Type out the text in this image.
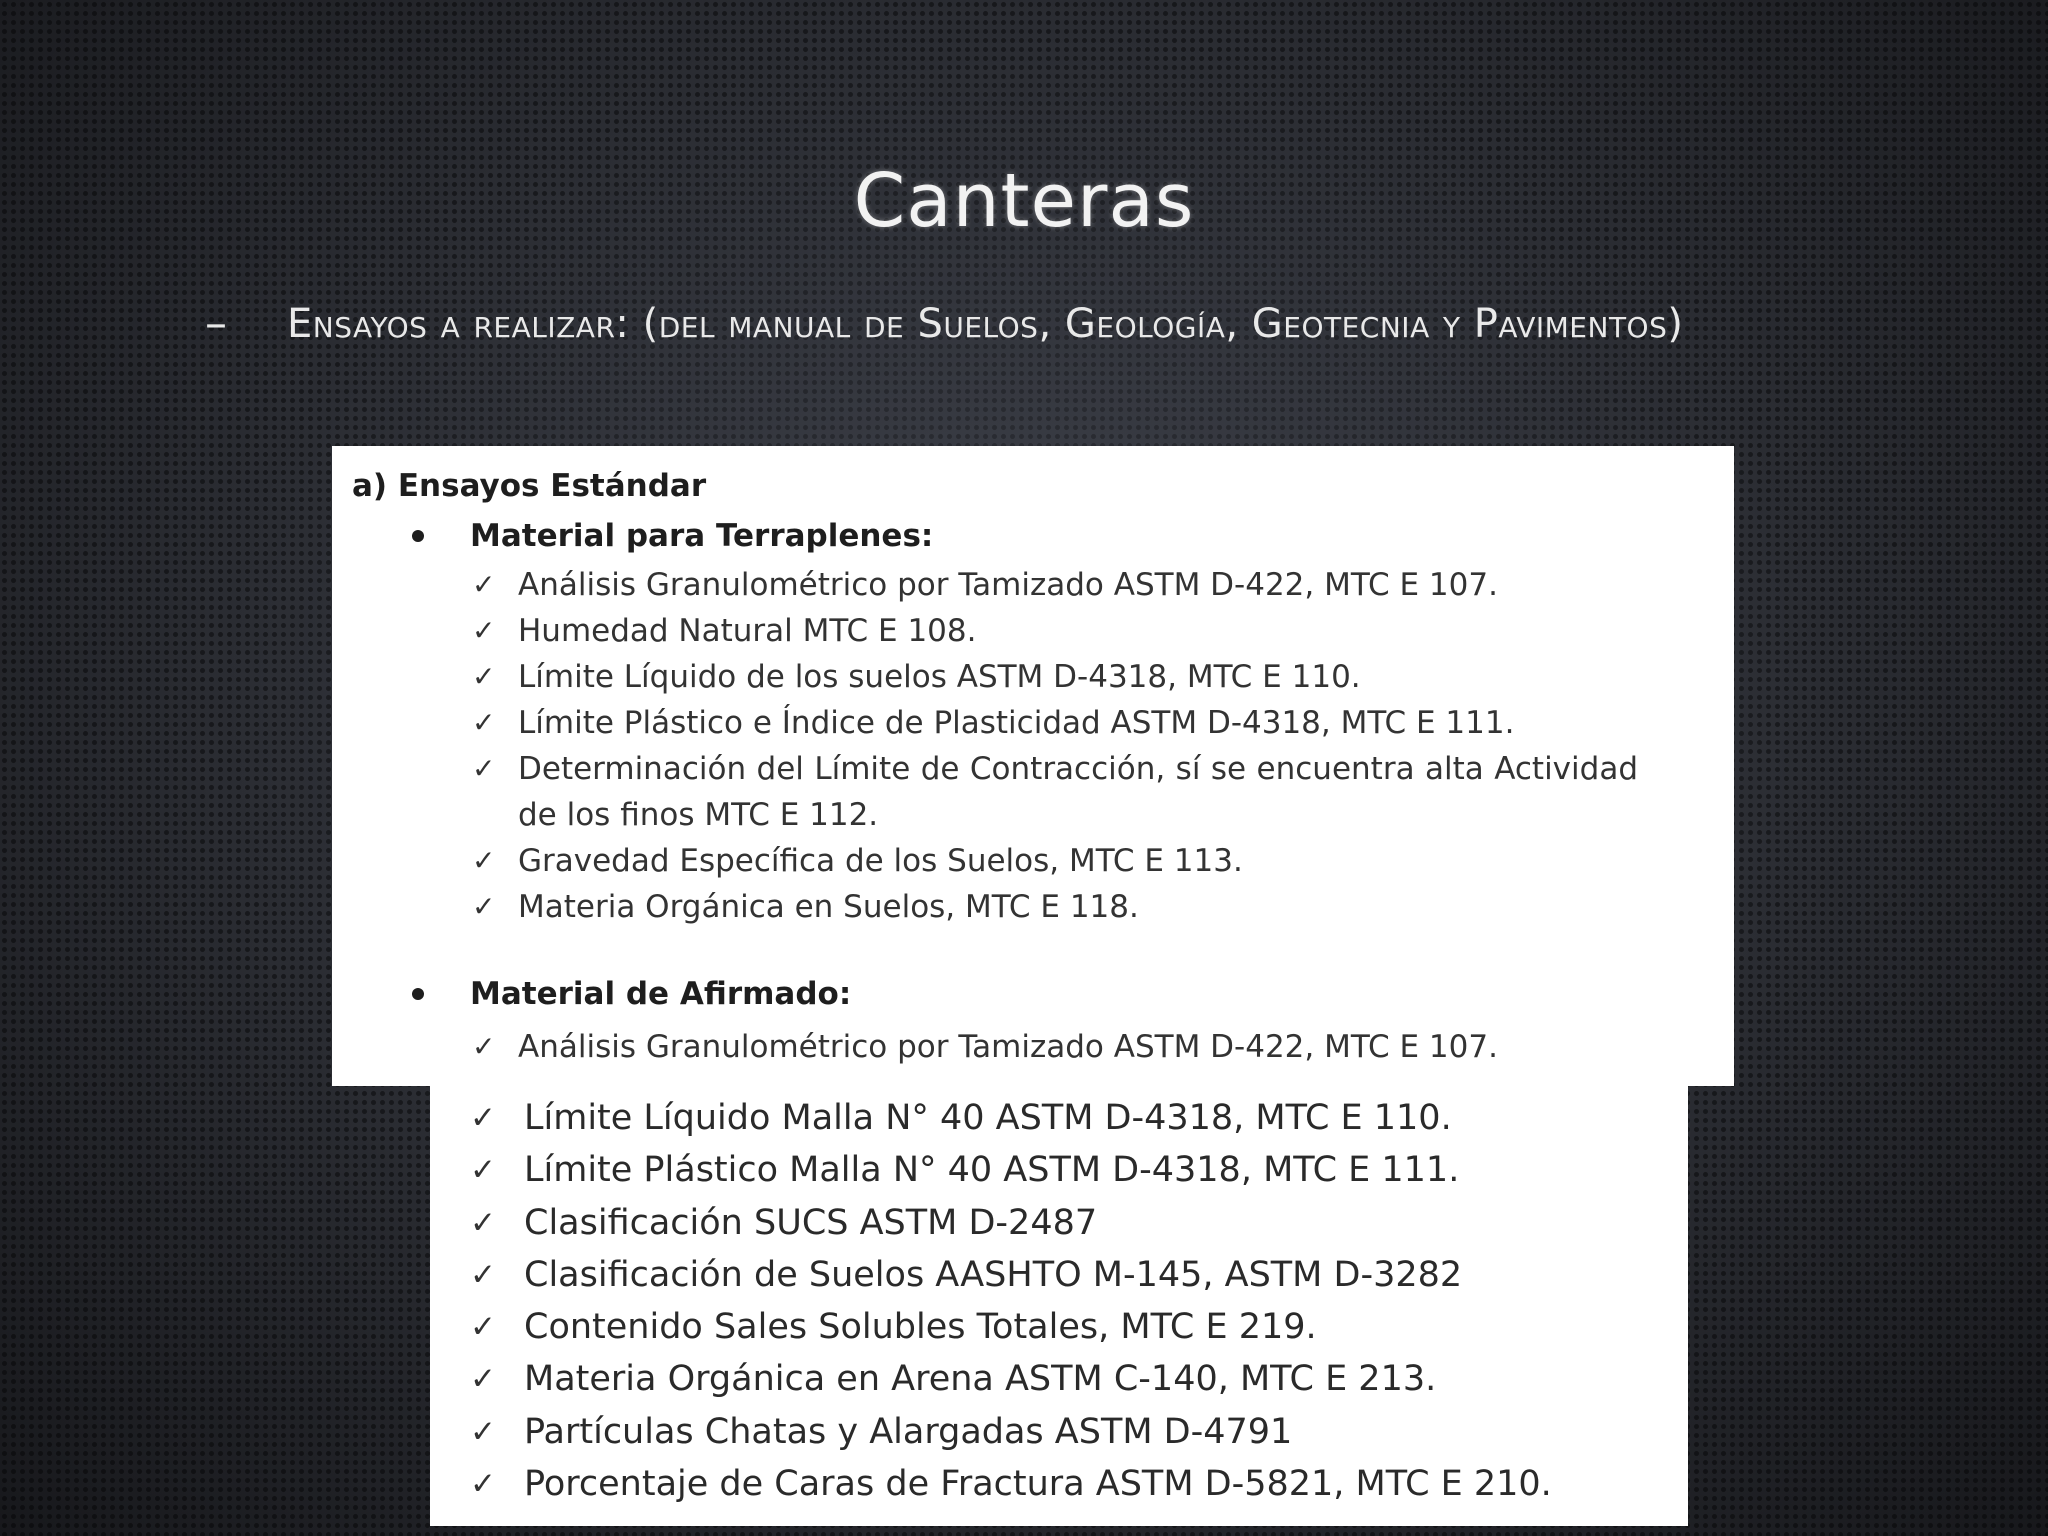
Canteras
–	Ensayos a realizar: (del manual de Suelos, Geología, Geotecnia y Pavimentos)
a) Ensayos Estándar
Material para Terraplenes:
✓ Análisis Granulométrico por Tamizado ASTM D-422, MTC E 107.
✓ Humedad Natural MTC E 108.
✓ Límite Líquido de los suelos ASTM D-4318, MTC E 110.
✓ Límite Plástico e Índice de Plasticidad ASTM D-4318, MTC E 111.
✓ Determinación del Límite de Contracción, sí se encuentra alta Actividad de los finos MTC E 112.
✓ Gravedad Específica de los Suelos, MTC E 113.
✓ Materia Orgánica en Suelos, MTC E 118.
Material de Afirmado:
✓ Análisis Granulométrico por Tamizado ASTM D-422, MTC E 107.
✓ Límite Líquido Malla N° 40 ASTM D-4318, MTC E 110.
✓ Límite Plástico Malla N° 40 ASTM D-4318, MTC E 111.
✓ Clasificación SUCS ASTM D-2487
✓ Clasificación de Suelos AASHTO M-145, ASTM D-3282
✓ Contenido Sales Solubles Totales, MTC E 219.
✓ Materia Orgánica en Arena ASTM C-140, MTC E 213.
✓ Partículas Chatas y Alargadas ASTM D-4791
✓ Porcentaje de Caras de Fractura ASTM D-5821, MTC E 210.
